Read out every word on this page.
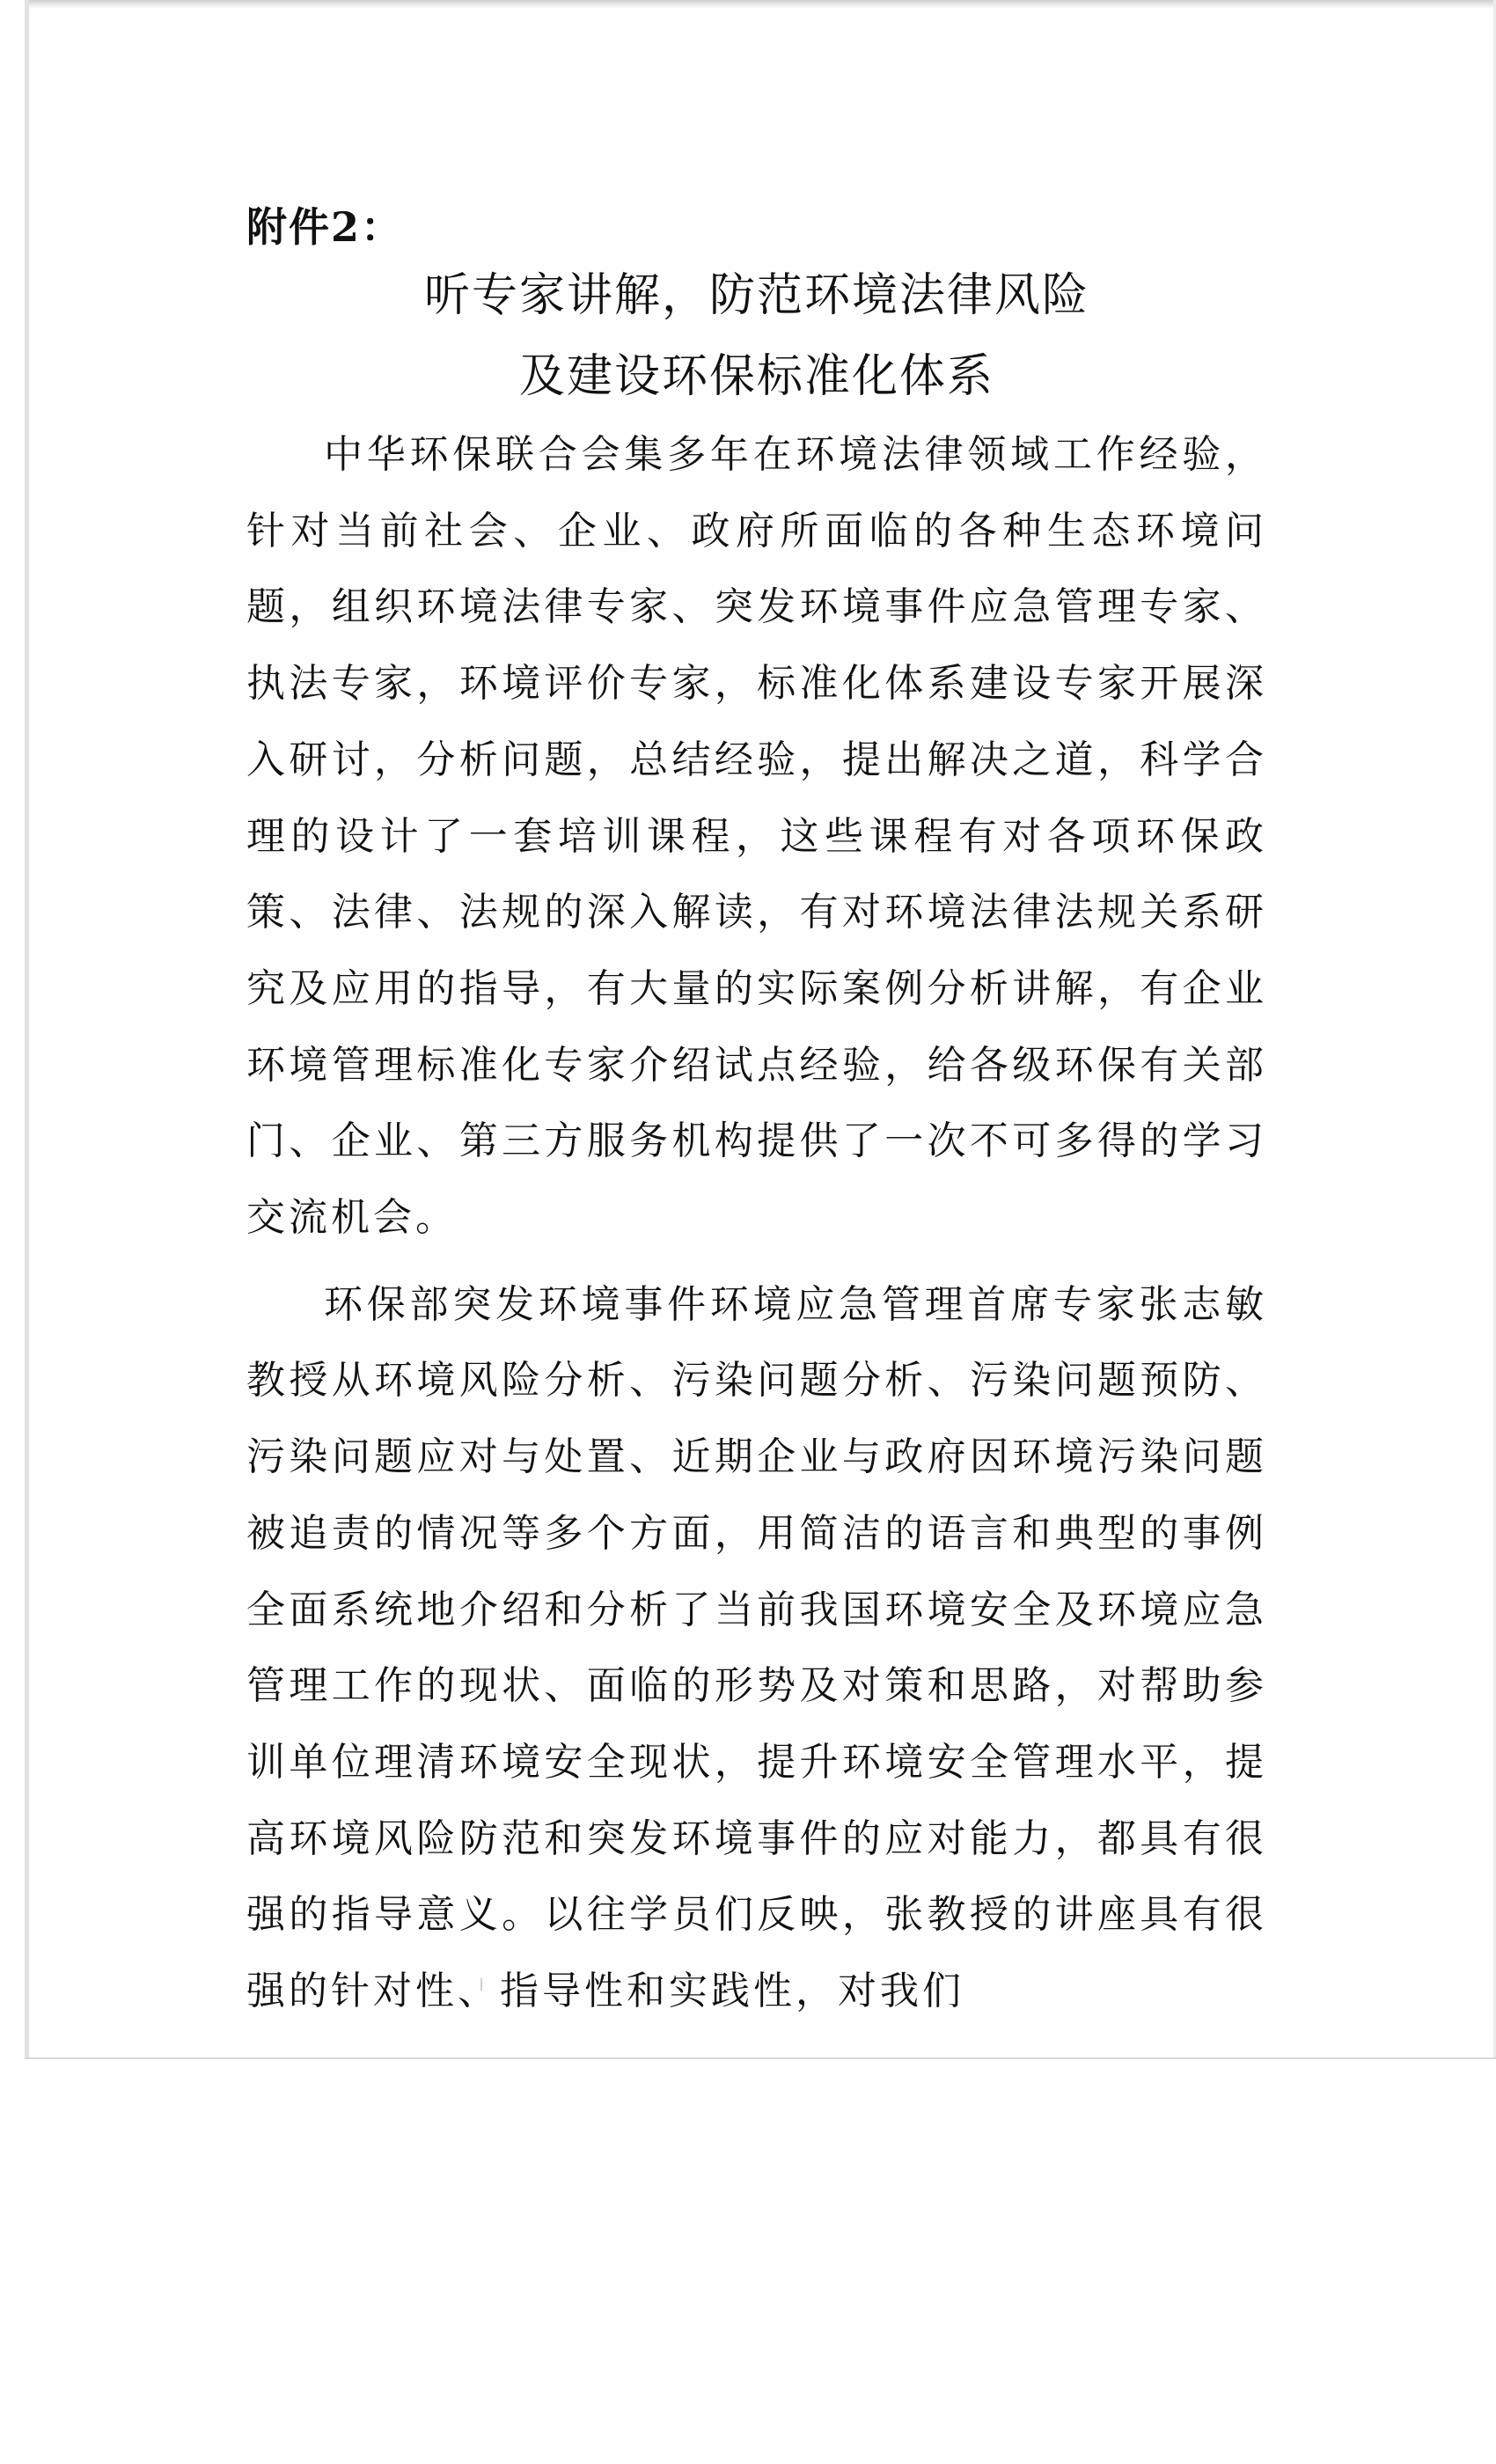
附件2：
听专家讲解，防范环境法律风险
及建设环保标准化体系

中华环保联合会集多年在环境法律领域工作经验，针对当前社会、企业、政府所面临的各种生态环境问题，组织环境法律专家、突发环境事件应急管理专家、执法专家，环境评价专家，标准化体系建设专家开展深入研讨，分析问题，总结经验，提出解决之道，科学合理的设计了一套培训课程，这些课程有对各项环保政策、法律、法规的深入解读，有对环境法律法规关系研究及应用的指导，有大量的实际案例分析讲解，有企业环境管理标准化专家介绍试点经验，给各级环保有关部门、企业、第三方服务机构提供了一次不可多得的学习交流机会。

环保部突发环境事件环境应急管理首席专家张志敏教授从环境风险分析、污染问题分析、污染问题预防、污染问题应对与处置、近期企业与政府因环境污染问题被追责的情况等多个方面，用简洁的语言和典型的事例全面系统地介绍和分析了当前我国环境安全及环境应急管理工作的现状、面临的形势及对策和思路，对帮助参训单位理清环境安全现状，提升环境安全管理水平，提高环境风险防范和突发环境事件的应对能力，都具有很强的指导意义。以往学员们反映，张教授的讲座具有很强的针对性、指导性和实践性，对我们
